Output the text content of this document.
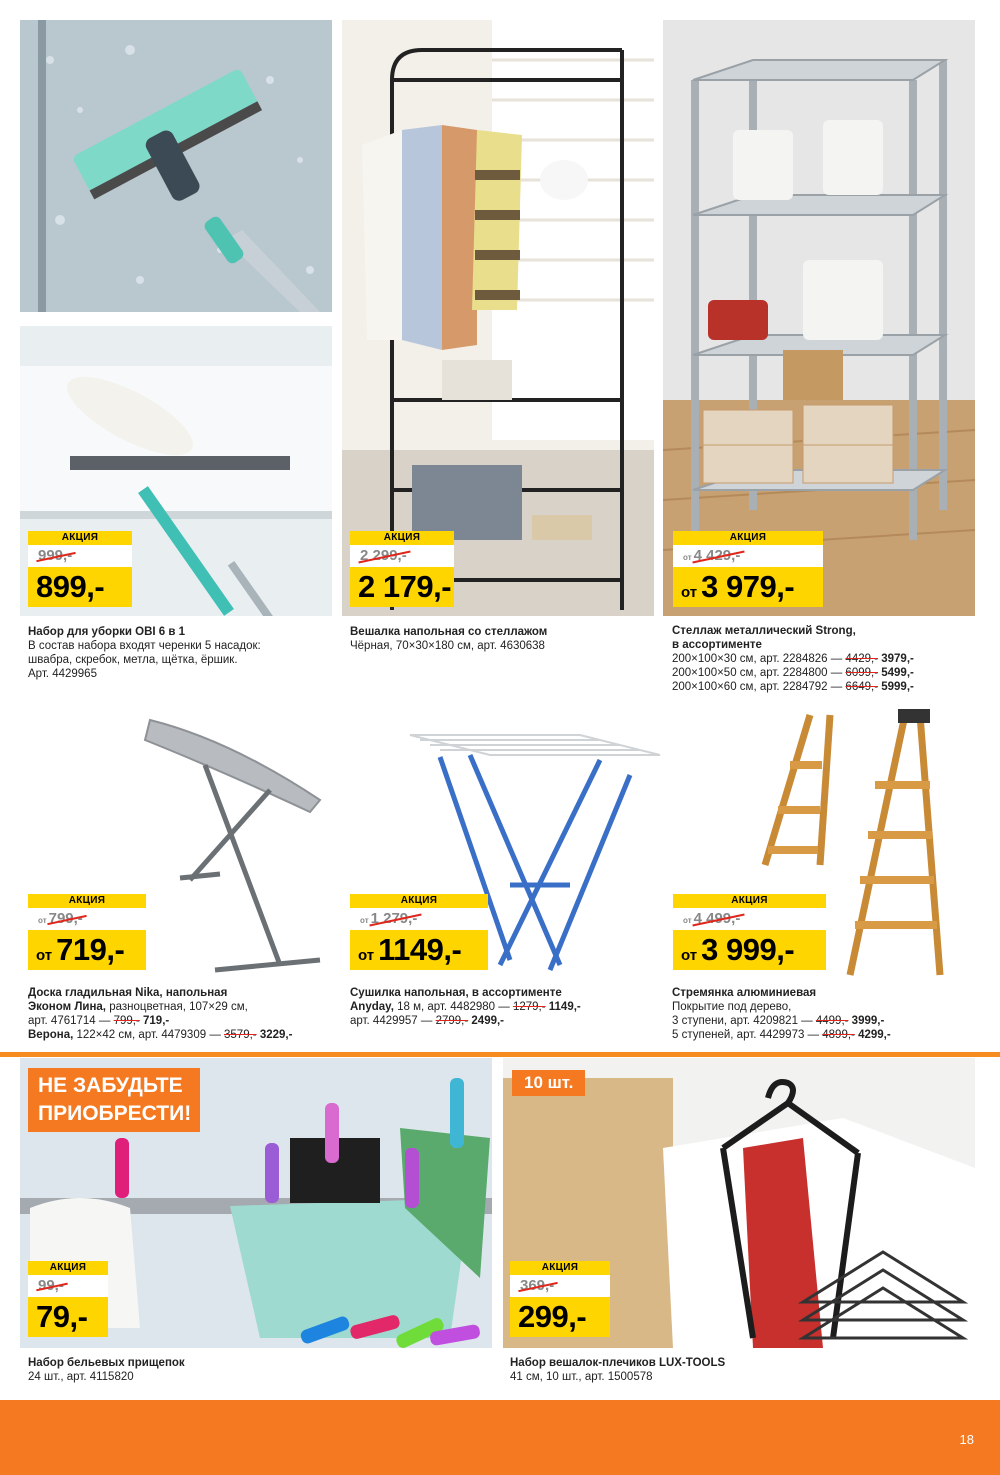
АКЦИЯ
999,-
899,-
АКЦИЯ
2 299,-
2 179,-
АКЦИЯ
от 4 429,-
от 3 979,-
Набор для уборки OBI 6 в 1
В состав набора входят черенки 5 насадок:
швабра, скребок, метла, щётка, ёршик.
Арт. 4429965
Вешалка напольная со стеллажом
Чёрная, 70×30×180 см, арт. 4630638
Стеллаж металлический Strong,
в ассортименте
200×100×30 см, арт. 2284826 — 4429,- 3979,-
200×100×50 см, арт. 2284800 — 6099,- 5499,-
200×100×60 см, арт. 2284792 — 6649,- 5999,-
АКЦИЯ
от 799,-
от 719,-
АКЦИЯ
от 1 279,-
от 1149,-
АКЦИЯ
от 4 499,-
от 3 999,-
Доска гладильная Nika, напольная
Эконом Лина, разноцветная, 107×29 см,
арт. 4761714 — 799,- 719,-
Верона, 122×42 см, арт. 4479309 — 3579,- 3229,-
Сушилка напольная, в ассортименте
Anyday, 18 м, арт. 4482980 — 1279,- 1149,-
арт. 4429957 — 2799,- 2499,-
Стремянка алюминиевая
Покрытие под дерево,
3 ступени, арт. 4209821 — 4499,- 3999,-
5 ступеней, арт. 4429973 — 4899,- 4299,-
НЕ ЗАБУДЬТЕ
ПРИОБРЕСТИ!
10 шт.
АКЦИЯ
99,-
79,-
АКЦИЯ
369,-
299,-
Набор бельевых прищепок
24 шт., арт. 4115820
Набор вешалок-плечиков LUX-TOOLS
41 см, 10 шт., арт. 1500578
18
